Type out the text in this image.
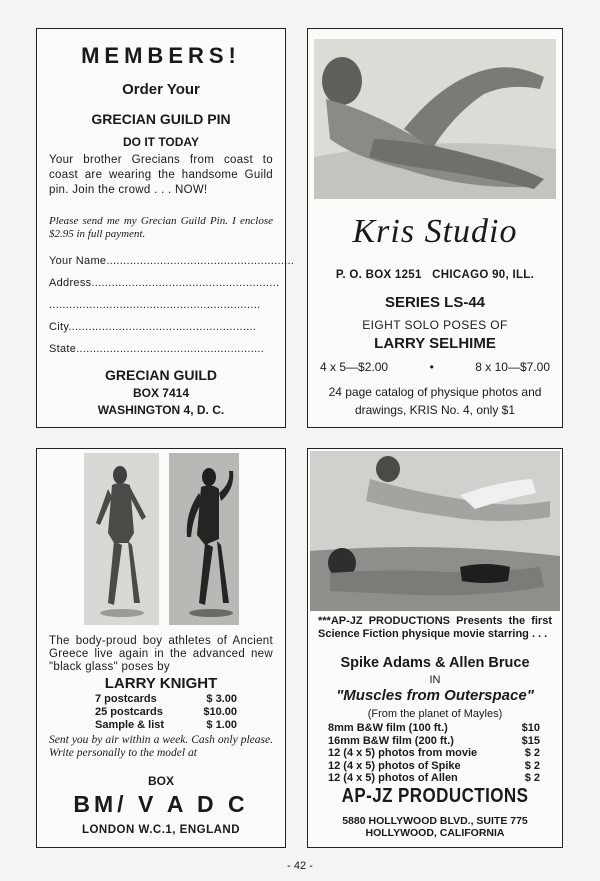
MEMBERS!
Order Your
GRECIAN GUILD PIN
DO IT TODAY
Your brother Grecians from coast to coast are wearing the handsome Guild pin. Join the crowd . . . NOW!
Please send me my Grecian Guild Pin. I enclose $2.95 in full payment.
Your Name........................................................
Address........................................................
...............................................................
City........................................................
State........................................................
GRECIAN GUILD
BOX 7414
WASHINGTON 4, D. C.
Kris Studio
P. O. BOX 1251   CHICAGO 90, ILL.
SERIES LS-44
EIGHT SOLO POSES OF
LARRY SELHIME
4 x 5—$2.00	•	8 x 10—$7.00
24 page catalog of physique photos and drawings, KRIS No. 4, only $1
The body-proud boy athletes of Ancient Greece live again in the advanced new "black glass" poses by
LARRY KNIGHT
7 postcards	$ 3.00
25 postcards	$10.00
Sample & list	$ 1.00
Sent you by air within a week. Cash only please. Write personally to the model at
BOX
BM/ V A D C
LONDON W.C.1, ENGLAND
***AP-JZ PRODUCTIONS Presents the first Science Fiction physique movie starring . . .
Spike Adams & Allen Bruce
IN
"Muscles from Outerspace"
(From the planet of Mayles)
8mm B&W film (100 ft.)	$10
16mm B&W film (200 ft.)	$15
12 (4 x 5) photos from movie	$ 2
12 (4 x 5) photos of Spike	$ 2
12 (4 x 5) photos of Allen	$ 2
AP-JZ PRODUCTIONS
5880 HOLLYWOOD BLVD., SUITE 775
HOLLYWOOD, CALIFORNIA
- 42 -
